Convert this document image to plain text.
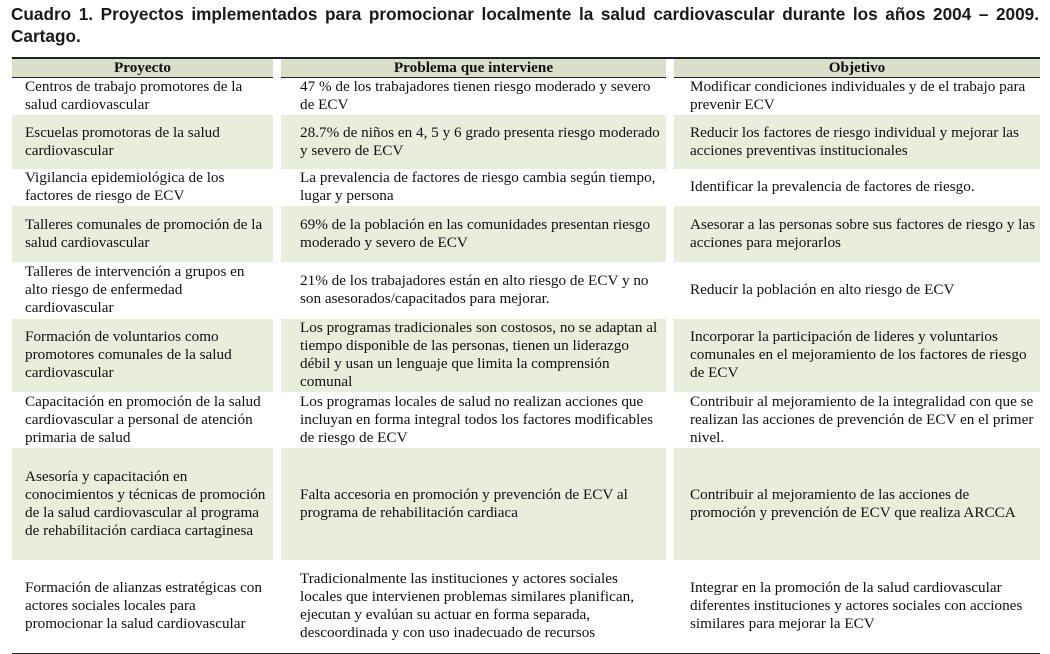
Cuadro 1. Proyectos implementados para promocionar localmente la salud cardiovascular durante los años 2004 – 2009. Cartago.
Proyecto	Problema que interviene	Objetivo
Centros de trabajo promotores de la salud cardiovascular	47 % de los trabajadores tienen riesgo moderado y severo de ECV	Modificar condiciones individuales y de el trabajo para prevenir ECV
Escuelas promotoras de la salud cardiovascular	28.7% de niños en 4, 5 y 6 grado presenta riesgo moderado y severo de ECV	Reducir los factores de riesgo individual y mejorar las acciones preventivas institucionales
Vigilancia epidemiológica de los factores de riesgo de ECV	La prevalencia de factores de riesgo cambia según tiempo, lugar y persona	Identificar la prevalencia de factores de riesgo.
Talleres comunales de promoción de la salud cardiovascular	69% de la población en las comunidades presentan riesgo moderado y severo de ECV	Asesorar a las personas sobre sus factores de riesgo y las acciones para mejorarlos
Talleres de intervención a grupos en alto riesgo de enfermedad cardiovascular	21% de los trabajadores están en alto riesgo de ECV y no son asesorados/capacitados para mejorar.	Reducir la población en alto riesgo de ECV
Formación de voluntarios como promotores comunales de la salud cardiovascular	Los programas tradicionales son costosos, no se adaptan al tiempo disponible de las personas, tienen un liderazgo débil y usan un lenguaje que limita la comprensión comunal	Incorporar la participación de lideres y voluntarios comunales en el mejoramiento de los factores de riesgo de ECV
Capacitación en promoción de la salud cardiovascular a personal de atención primaria de salud	Los programas locales de salud no realizan acciones que incluyan en forma integral todos los factores modificables de riesgo de ECV	Contribuir al mejoramiento de la integralidad con que se realizan las acciones de prevención de ECV en el primer nivel.
Asesoría y capacitación en conocimientos y técnicas de promoción de la salud cardiovascular al programa de rehabilitación cardiaca cartaginesa	Falta accesoria en promoción y prevención de ECV al programa de rehabilitación cardiaca	Contribuir al mejoramiento de las acciones de promoción y prevención de ECV que realiza ARCCA
Formación de alianzas estratégicas con actores sociales locales para promocionar la salud cardiovascular	Tradicionalmente las instituciones y actores sociales locales que intervienen problemas similares planifican, ejecutan y evalúan su actuar en forma separada, descoordinada y con uso inadecuado de recursos	Integrar en la promoción de la salud cardiovascular diferentes instituciones y actores sociales con acciones similares para mejorar la ECV
